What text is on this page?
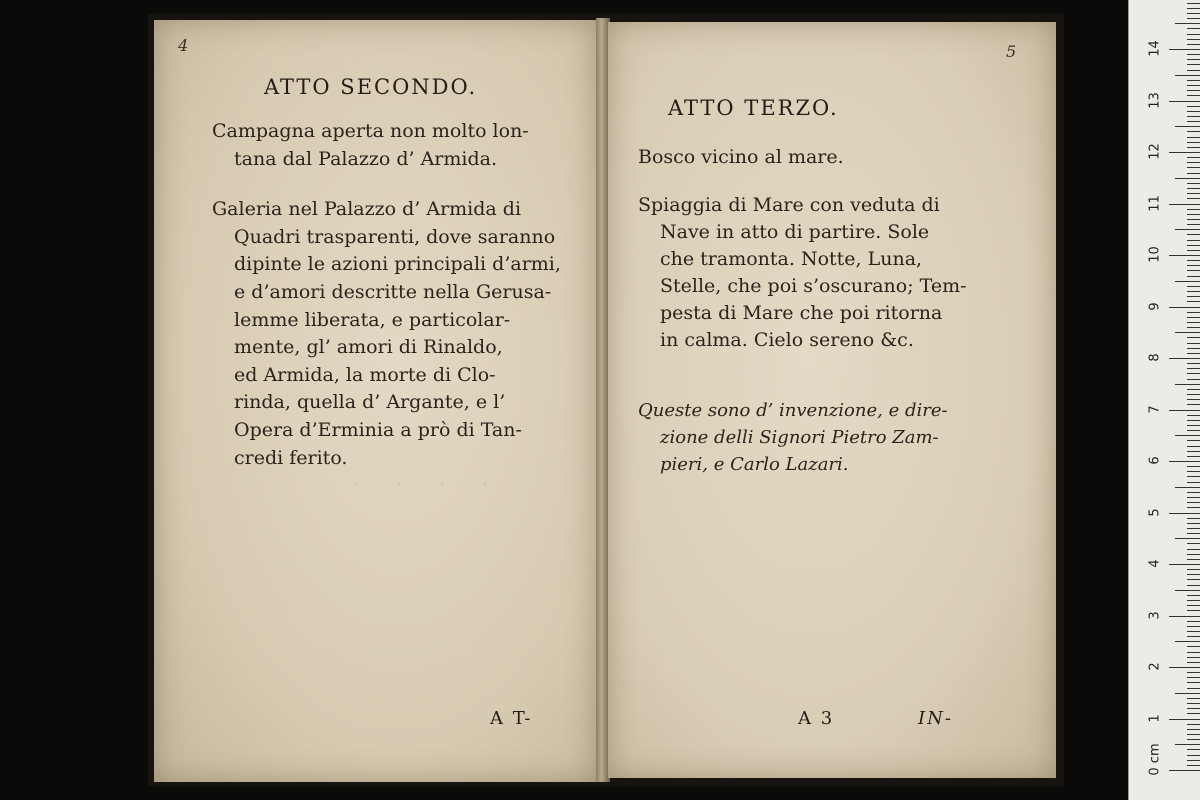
·        ·        ·        ·
4
ATTO SECONDO.
Campagna aperta non molto lon-
tana dal Palazzo d’ Armida.
Galeria nel Palazzo d’ Armida di
Quadri trasparenti, dove saranno
dipinte le azioni principali d’armi,
e d’amori descritte nella Gerusa-
lemme liberata, e particolar-
mente, gl’ amori di Rinaldo,
ed Armida, la morte di Clo-
rinda, quella d’ Argante, e l’
Opera d’Erminia a prò di Tan-
credi ferito.
A T-
5
ATTO TERZO.
Bosco vicino al mare.
Spiaggia di Mare con veduta di
Nave in atto di partire. Sole
che tramonta. Notte, Luna,
Stelle, che poi s’oscurano; Tem-
pesta di Mare che poi ritorna
in calma. Cielo sereno &c.
Queste sono d’ invenzione, e dire-
zione delli Signori Pietro Zam-
pieri, e Carlo Lazari.
A 3	IN-	1
2
3
4
5
6
7
8
9
10
11
12
13
14
0 cm
